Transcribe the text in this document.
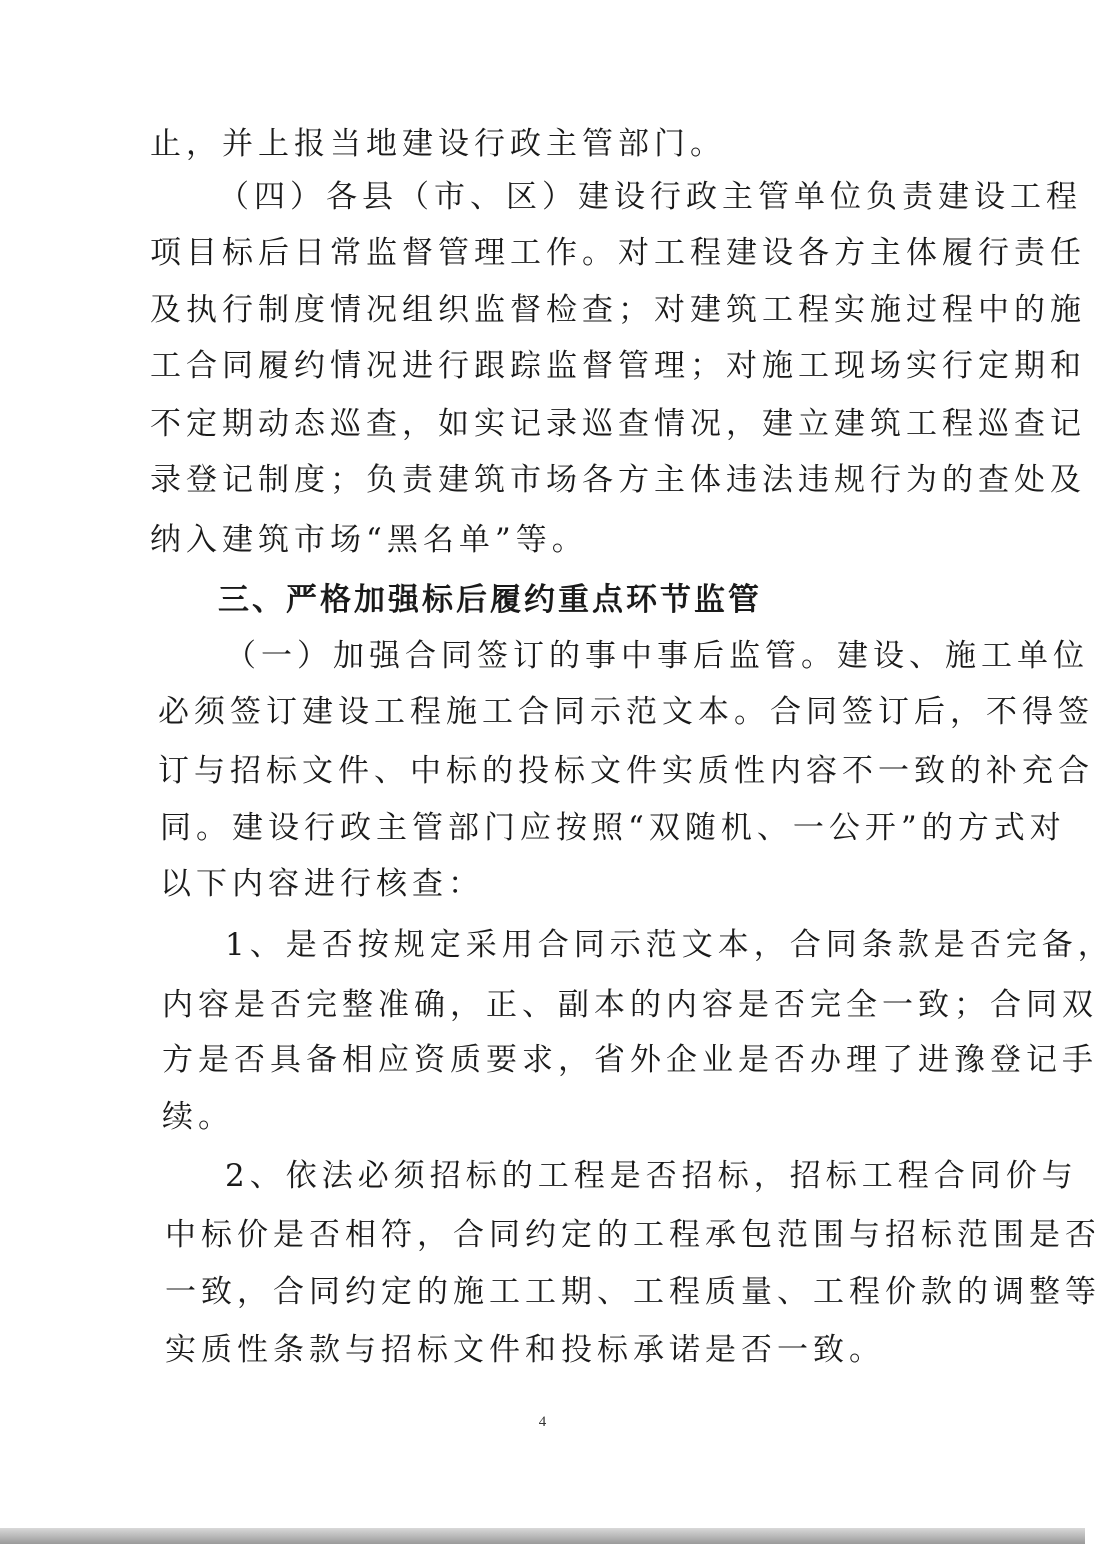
止，并上报当地建设行政主管部门。
（四）各县（市、区）建设行政主管单位负责建设工程
项目标后日常监督管理工作。对工程建设各方主体履行责任
及执行制度情况组织监督检查；对建筑工程实施过程中的施
工合同履约情况进行跟踪监督管理；对施工现场实行定期和
不定期动态巡查，如实记录巡查情况，建立建筑工程巡查记
录登记制度；负责建筑市场各方主体违法违规行为的查处及
纳入建筑市场“黑名单”等。
三、严格加强标后履约重点环节监管
（一）加强合同签订的事中事后监管。建设、施工单位
必须签订建设工程施工合同示范文本。合同签订后，不得签
订与招标文件、中标的投标文件实质性内容不一致的补充合
同。建设行政主管部门应按照“双随机、一公开”的方式对
以下内容进行核查：
1、是否按规定采用合同示范文本，合同条款是否完备，
内容是否完整准确，正、副本的内容是否完全一致；合同双
方是否具备相应资质要求，省外企业是否办理了进豫登记手
续。
2、依法必须招标的工程是否招标，招标工程合同价与
中标价是否相符，合同约定的工程承包范围与招标范围是否
一致，合同约定的施工工期、工程质量、工程价款的调整等
实质性条款与招标文件和投标承诺是否一致。
4
